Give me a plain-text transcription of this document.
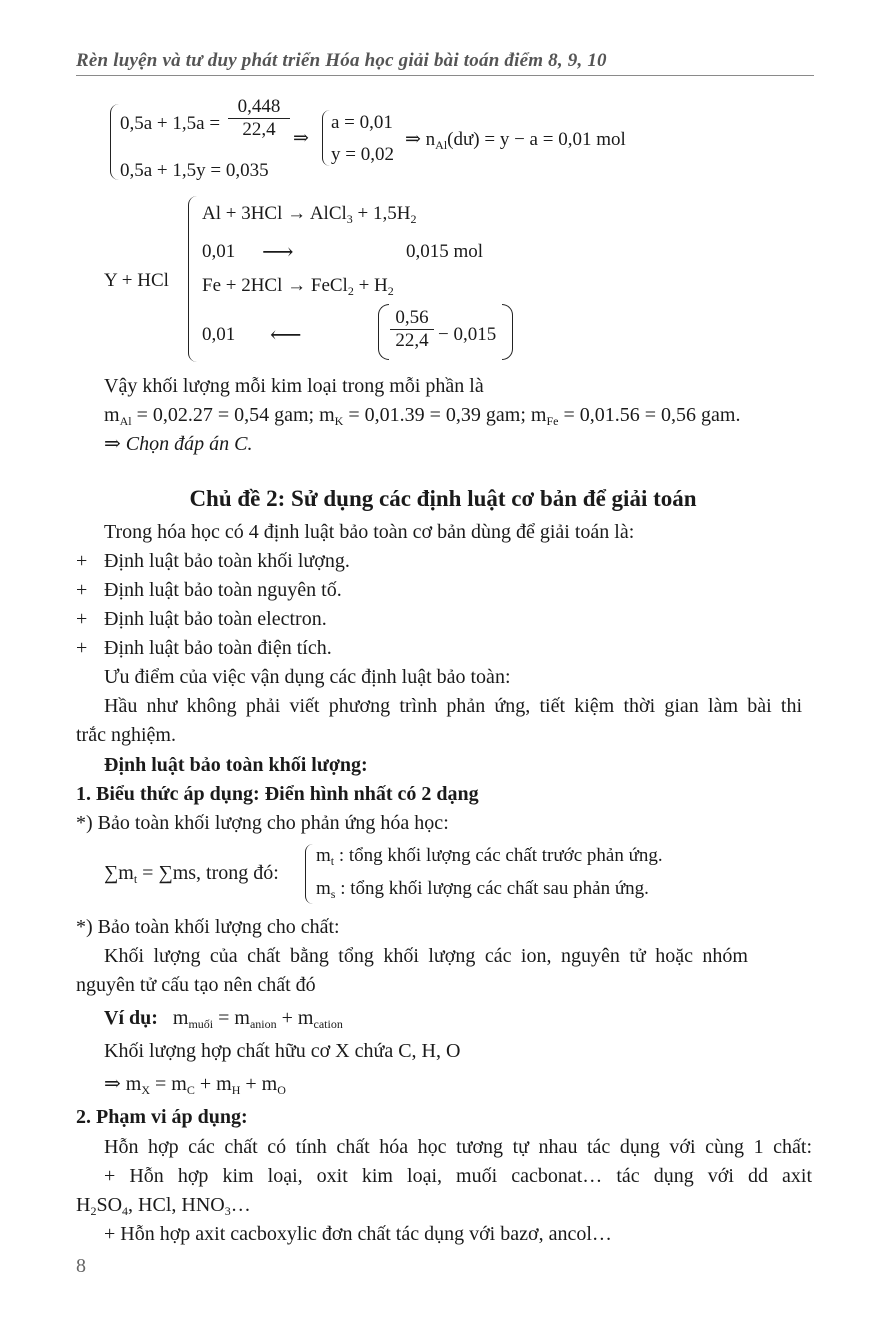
Rèn luyện và tư duy phát triển Hóa học giải bài toán điểm 8, 9, 10
$0,5a + 1,5a = \frac{0,448}{22,4}$
0,5a + 1,5y = 0,035
⇒
a = 0,01
y = 0,02
⇒ $n_{Al}(dư) = y - a = 0,01$ mol
Y + HCl
Al + 3HCl → AlCl$_3$ + $1,5H_2$
0,01 ⟶	0,015 mol
Fe + 2HCl → FeCl$_2$ + $H_2$
0,01 ⟵	$\frac{0,56}{22,4} - 0,015$
Vậy khối lượng mỗi kim loại trong mỗi phần là
$m_{Al} = 0,02.27 = 0,54$ gam; $m_K = 0,01.39 = 0,39$ gam; $m_{Fe} = 0,01.56 = 0,56$ gam.
⇒ Chọn đáp án C.
Chủ đề 2: Sử dụng các định luật cơ bản để giải toán
Trong hóa học có 4 định luật bảo toàn cơ bản dùng để giải toán là:
+ Định luật bảo toàn khối lượng.
+ Định luật bảo toàn nguyên tố.
+ Định luật bảo toàn electron.
+ Định luật bảo toàn điện tích.
Ưu điểm của việc vận dụng các định luật bảo toàn:
Hầu như không phải viết phương trình phản ứng, tiết kiệm thời gian làm bài thi
trắc nghiệm.
Định luật bảo toàn khối lượng:
1. Biểu thức áp dụng: Điển hình nhất có 2 dạng
*) Bảo toàn khối lượng cho phản ứng hóa học:
$\sum m_t = \sum ms$, trong đó:
$m_t$ : tổng khối lượng các chất trước phản ứng.
$m_s$ : tổng khối lượng các chất sau phản ứng.
*) Bảo toàn khối lượng cho chất:
Khối lượng của chất bằng tổng khối lượng các ion, nguyên tử hoặc nhóm
nguyên tử cấu tạo nên chất đó
Ví dụ: $m_{muối} = m_{anion} + m_{cation}$
Khối lượng hợp chất hữu cơ X chứa C, H, O
⇒ $m_X = m_C + m_H + m_O$
2. Phạm vi áp dụng:
Hỗn hợp các chất có tính chất hóa học tương tự nhau tác dụng với cùng 1 chất:
+ Hỗn hợp kim loại, oxit kim loại, muối cacbonat… tác dụng với dd axit
$H_2SO_4$, HCl, $HNO_3\dots$
+ Hỗn hợp axit cacboxylic đơn chất tác dụng với bazơ, ancol…
8
